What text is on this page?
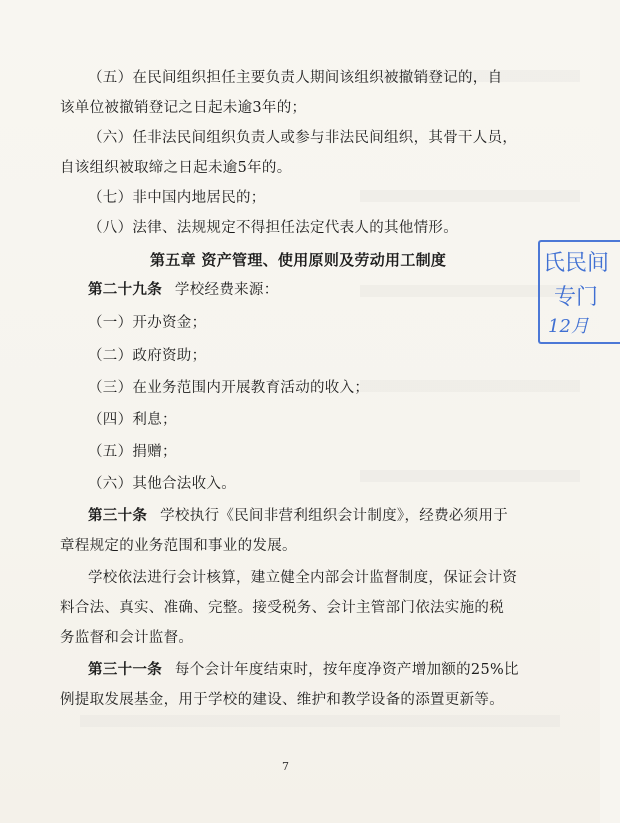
（五）在民间组织担任主要负责人期间该组织被撤销登记的，自
该单位被撤销登记之日起未逾3年的；
（六）任非法民间组织负责人或参与非法民间组织，其骨干人员，
自该组织被取缔之日起未逾5年的。
（七）非中国内地居民的；
（八）法律、法规规定不得担任法定代表人的其他情形。
第五章 资产管理、使用原则及劳动用工制度
第二十九条 学校经费来源：
（一）开办资金；
（二）政府资助；
（三）在业务范围内开展教育活动的收入；
（四）利息；
（五）捐赠；
（六）其他合法收入。
第三十条 学校执行《民间非营利组织会计制度》，经费必须用于
章程规定的业务范围和事业的发展。
学校依法进行会计核算，建立健全内部会计监督制度，保证会计资
料合法、真实、准确、完整。接受税务、会计主管部门依法实施的税
务监督和会计监督。
第三十一条 每个会计年度结束时，按年度净资产增加额的25%比
例提取发展基金，用于学校的建设、维护和教学设备的添置更新等。
氏民间
专门
12月
7
